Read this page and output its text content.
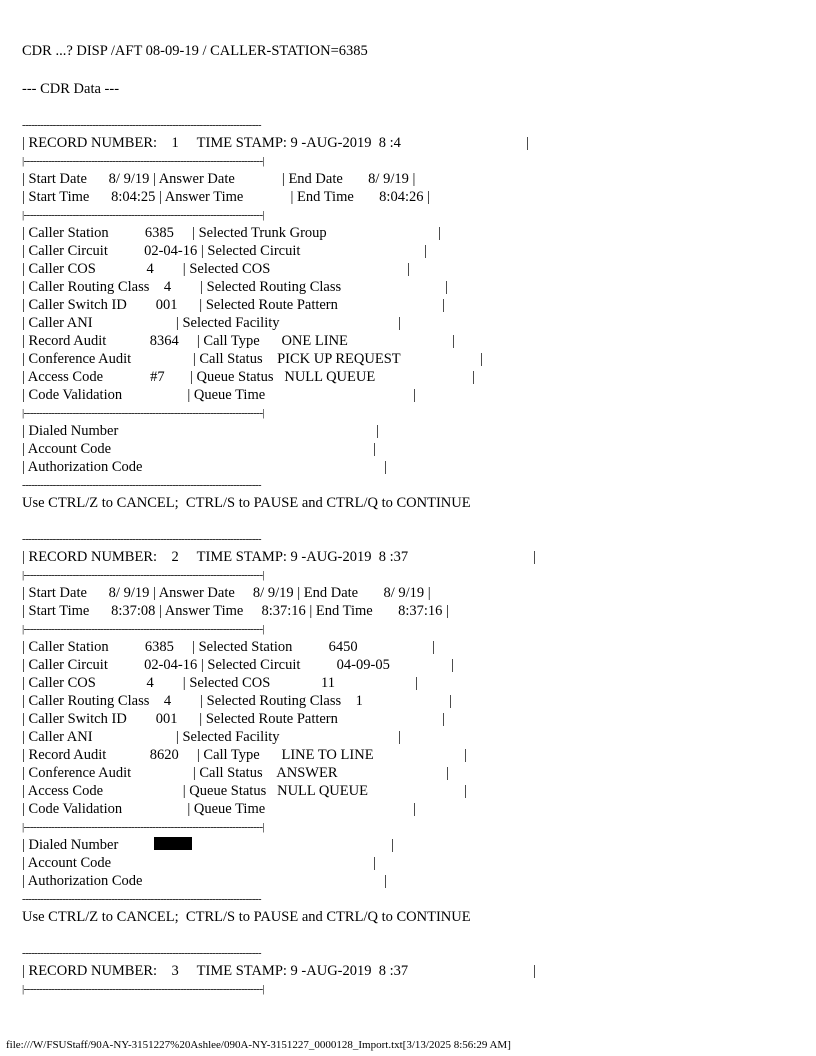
CDR ...? DISP /AFT 08-09-19 / CALLER-STATION=6385
--- CDR Data ---
------------------------------------------------------------------------------
| RECORD NUMBER:    1     TIME STAMP: 9 -AUG-2019  8 :4	|
|------------------------------------------------------------------------------|
| Start Date      8/ 9/19 | Answer Date             | End Date       8/ 9/19 |
| Start Time      8:04:25 | Answer Time             | End Time       8:04:26 |
|------------------------------------------------------------------------------|
| Caller Station          6385     | Selected Trunk Group	|
| Caller Circuit          02-04-16 | Selected Circuit	|
| Caller COS              4        | Selected COS	|
| Caller Routing Class    4        | Selected Routing Class	|
| Caller Switch ID        001      | Selected Route Pattern	|
| Caller ANI                       | Selected Facility	|
| Record Audit            8364     | Call Type      ONE LINE	|
| Conference Audit                 | Call Status    PICK UP REQUEST	|
| Access Code             #7       | Queue Status   NULL QUEUE	|
| Code Validation                  | Queue Time	|
|------------------------------------------------------------------------------|
| Dialed Number	|
| Account Code	|
| Authorization Code	|
------------------------------------------------------------------------------
Use CTRL/Z to CANCEL;  CTRL/S to PAUSE and CTRL/Q to CONTINUE
------------------------------------------------------------------------------
| RECORD NUMBER:    2     TIME STAMP: 9 -AUG-2019  8 :37	|
|------------------------------------------------------------------------------|
| Start Date      8/ 9/19 | Answer Date     8/ 9/19 | End Date       8/ 9/19 |
| Start Time      8:37:08 | Answer Time     8:37:16 | End Time       8:37:16 |
|------------------------------------------------------------------------------|
| Caller Station          6385     | Selected Station          6450	|
| Caller Circuit          02-04-16 | Selected Circuit          04-09-05	|
| Caller COS              4        | Selected COS              11	|
| Caller Routing Class    4        | Selected Routing Class    1	|
| Caller Switch ID        001      | Selected Route Pattern	|
| Caller ANI                       | Selected Facility	|
| Record Audit            8620     | Call Type      LINE TO LINE	|
| Conference Audit                 | Call Status    ANSWER	|
| Access Code                      | Queue Status   NULL QUEUE	|
| Code Validation                  | Queue Time	|
|------------------------------------------------------------------------------|
| Dialed Number	|
| Account Code	|
| Authorization Code	|
------------------------------------------------------------------------------
Use CTRL/Z to CANCEL;  CTRL/S to PAUSE and CTRL/Q to CONTINUE
------------------------------------------------------------------------------
| RECORD NUMBER:    3     TIME STAMP: 9 -AUG-2019  8 :37	|
|------------------------------------------------------------------------------|
file:///W/FSUStaff/90A-NY-3151227%20Ashlee/090A-NY-3151227_0000128_Import.txt[3/13/2025 8:56:29 AM]
